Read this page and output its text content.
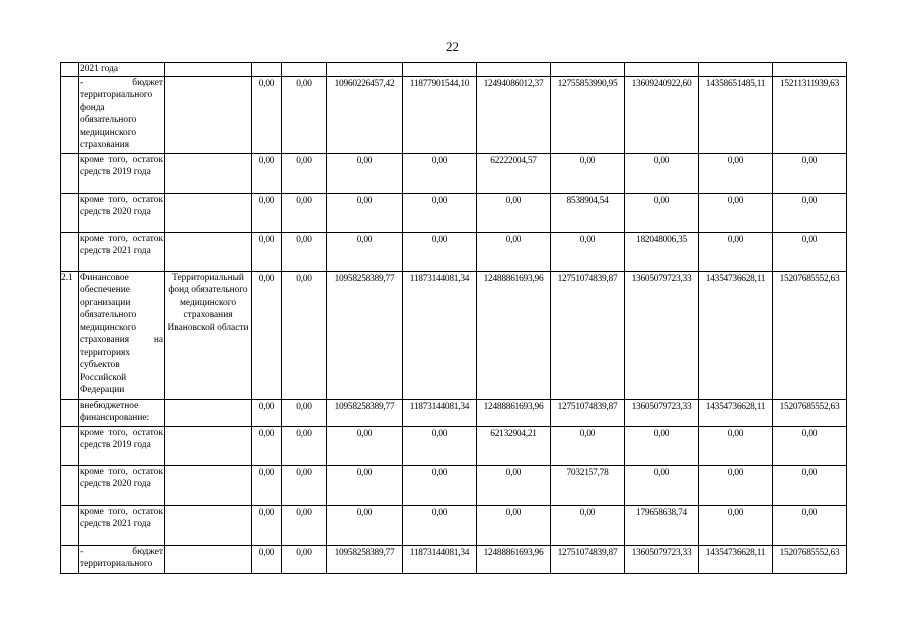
22
	2021 года										
	- бюджет территориального фонда обязательного медицинского страхования		0,00	0,00	10960226457,42	11877901544,10	12494086012,37	12755853990,95	13609240922,60	14358651485,11	15211311939,63
	кроме того, остаток средств 2019 года		0,00	0,00	0,00	0,00	62222004,57	0,00	0,00	0,00	0,00
	кроме того, остаток средств 2020 года		0,00	0,00	0,00	0,00	0,00	8538904,54	0,00	0,00	0,00
	кроме того, остаток средств 2021 года		0,00	0,00	0,00	0,00	0,00	0,00	182048006,35	0,00	0,00
2.1	Финансовое обеспечение организации обязательного медицинского страхования на территориях субъектов Российской Федерации	Территориальный фонд обязательного медицинского страхования Ивановской области	0,00	0,00	10958258389,77	11873144081,34	12488861693,96	12751074839,87	13605079723,33	14354736628,11	15207685552,63
	внебюджетное финансирование:		0,00	0,00	10958258389,77	11873144081,34	12488861693,96	12751074839,87	13605079723,33	14354736628,11	15207685552,63
	кроме того, остаток средств 2019 года		0,00	0,00	0,00	0,00	62132904,21	0,00	0,00	0,00	0,00
	кроме того, остаток средств 2020 года		0,00	0,00	0,00	0,00	0,00	7032157,78	0,00	0,00	0,00
	кроме того, остаток средств 2021 года		0,00	0,00	0,00	0,00	0,00	0,00	179658638,74	0,00	0,00
	- бюджет территориального		0,00	0,00	10958258389,77	11873144081,34	12488861693,96	12751074839,87	13605079723,33	14354736628,11	15207685552,63
